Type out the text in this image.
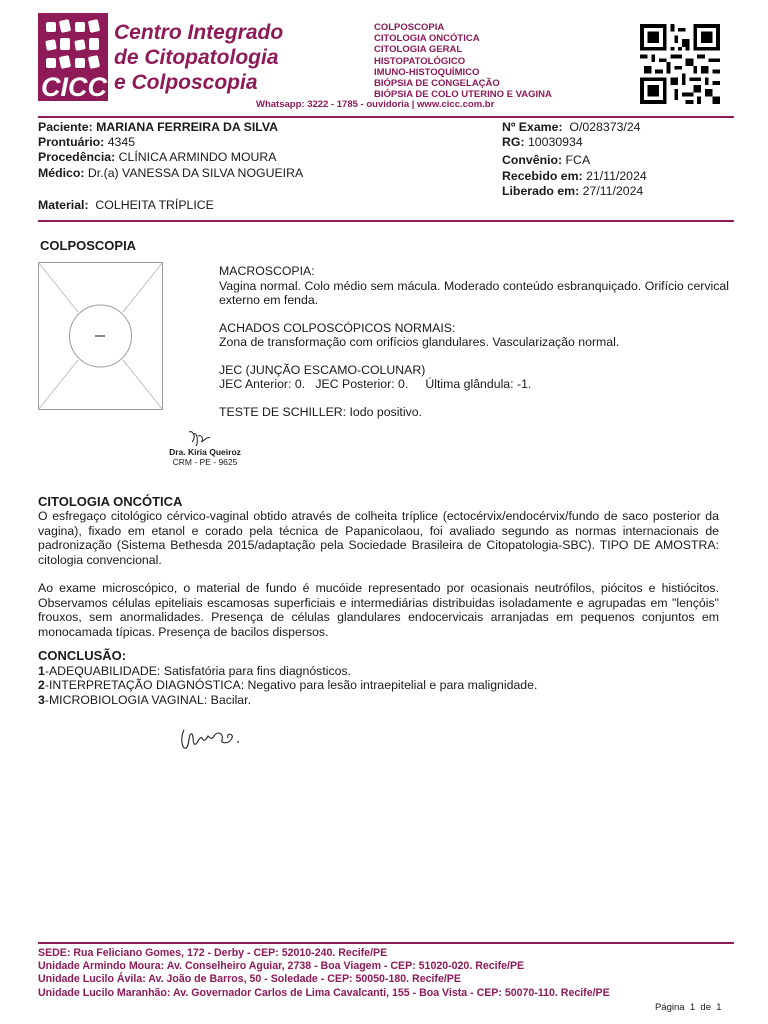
CICC
Centro Integrado
de Citopatologia
e Colposcopia
COLPOSCOPIA
CITOLOGIA ONCÓTICA
CITOLOGIA GERAL
HISTOPATOLÓGICO
IMUNO-HISTOQUÍMICO
BIÓPSIA DE CONGELAÇÃO
BIÓPSIA DE COLO UTERINO E VAGINA
Whatsapp: 3222 - 1785 - ouvidoria | www.cicc.com.br
Paciente: MARIANA FERREIRA DA SILVA
Prontuário: 4345
Procedência: CLÍNICA ARMINDO MOURA
Médico: Dr.(a) VANESSA DA SILVA NOGUEIRA
Material: COLHEITA TRÍPLICE
Nº Exame: O/028373/24
RG: 10030934
Convênio: FCA
Recebido em: 21/11/2024
Liberado em: 27/11/2024
COLPOSCOPIA
MACROSCOPIA:
Vagina normal. Colo médio sem mácula. Moderado conteúdo esbranquiçado. Orifício cervical externo em fenda.
ACHADOS COLPOSCÓPICOS NORMAIS:
Zona de transformação com orifícios glandulares. Vascularização normal.
JEC (JUNÇÃO ESCAMO-COLUNAR)
JEC Anterior: 0.   JEC Posterior: 0.     Última glândula: -1.
TESTE DE SCHILLER: Iodo positivo.
Dra. Kiria Queiroz
CRM - PE - 9625
CITOLOGIA ONCÓTICA
O esfregaço citológico cérvico-vaginal obtido através de colheita tríplice (ectocérvix/endocérvix/fundo de saco posterior da vagina), fixado em etanol e corado pela técnica de Papanicolaou, foi avaliado segundo as normas internacionais de padronização (Sistema Bethesda 2015/adaptação pela Sociedade Brasileira de Citopatologia-SBC). TIPO DE AMOSTRA: citologia convencional.
Ao exame microscópico, o material de fundo é mucóide representado por ocasionais neutrófilos, piócitos e histiócitos. Observamos células epiteliais escamosas superficiais e intermediárias distribuidas isoladamente e agrupadas em "lençóis" frouxos, sem anormalidades. Presença de células glandulares endocervicais arranjadas em pequenos conjuntos em monocamada típicas. Presença de bacilos dispersos.
CONCLUSÃO:
1-ADEQUABILIDADE: Satisfatória para fins diagnósticos.
2-INTERPRETAÇÃO DIAGNÓSTICA: Negativo para lesão intraepitelial e para malignidade.
3-MICROBIOLOGIA VAGINAL: Bacilar.
SEDE: Rua Feliciano Gomes, 172 - Derby - CEP: 52010-240. Recife/PE
Unidade Armindo Moura: Av. Conselheiro Aguiar, 2738 - Boa Viagem - CEP: 51020-020. Recife/PE
Unidade Lucilo Ávila: Av. João de Barros, 50 - Soledade - CEP: 50050-180. Recife/PE
Unidade Lucilo Maranhão: Av. Governador Carlos de Lima Cavalcanti, 155 - Boa Vista - CEP: 50070-110. Recife/PE
Página  1  de  1
